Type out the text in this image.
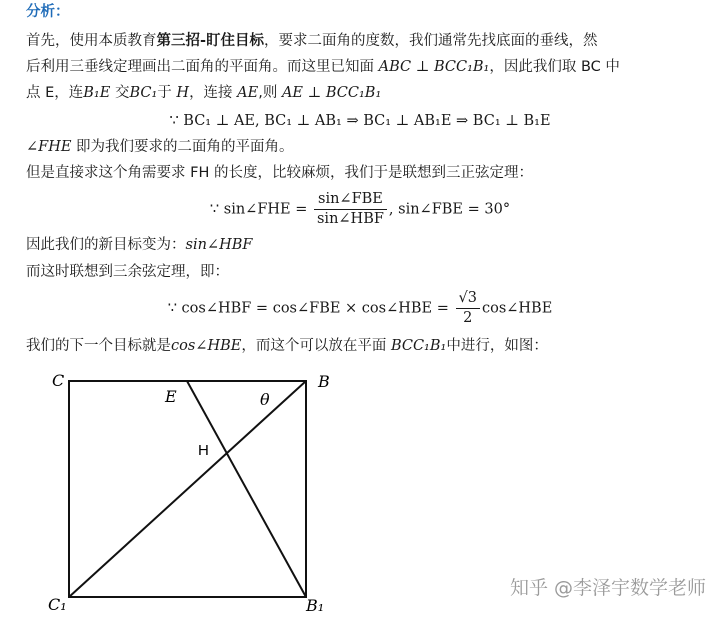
分析：
首先，使用本质教育第三招-盯住目标，要求二面角的度数，我们通常先找底面的垂线，然
后利用三垂线定理画出二面角的平面角。而这里已知面 ABC ⊥ BCC₁B₁，因此我们取 BC 中
点 E，连B₁E 交BC₁于 H，连接 AE,则 AE ⊥ BCC₁B₁
∵ BC₁ ⊥ AE, BC₁ ⊥ AB₁ ⇒ BC₁ ⊥ AB₁E ⇒ BC₁ ⊥ B₁E
∠FHE 即为我们要求的二面角的平面角。
但是直接求这个角需要求 FH 的长度，比较麻烦，我们于是联想到三正弦定理：
∵ sin∠FHE = $\frac{\text{sin∠FBE}}{\text{sin∠HBF}}$ , sin∠FBE = 30°
因此我们的新目标变为：sin∠HBF
而这时联想到三余弦定理，即：
∵ cos∠HBF = cos∠FBE × cos∠HBE = $\frac{√3}{2}$ cos∠HBE
我们的下一个目标就是cos∠HBE，而这个可以放在平面 BCC₁B₁中进行，如图：
C	B
E	θ
H
C₁	B₁
知乎 @李泽宇数学老师
